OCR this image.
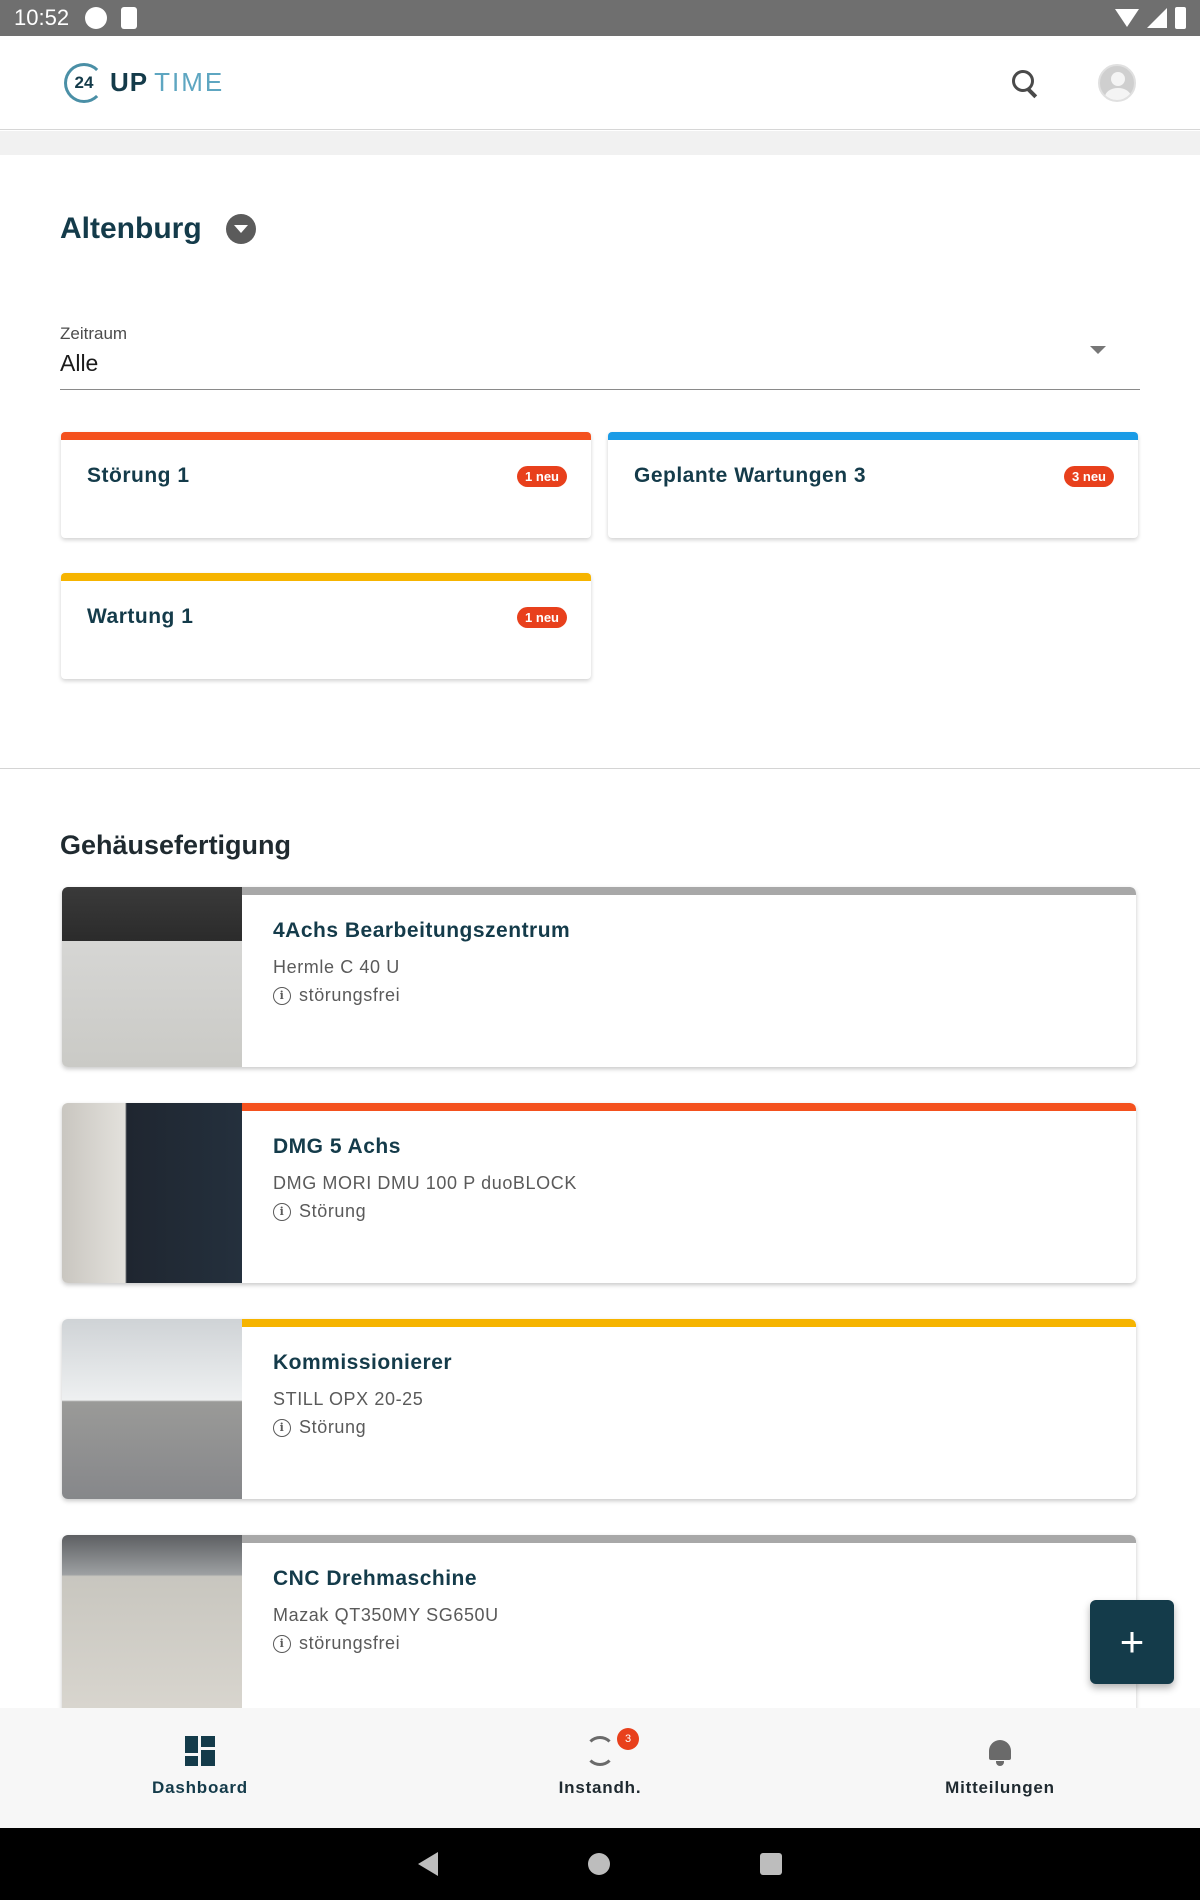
10:52
24 UP TIME
Altenburg
Zeitraum
Alle
Störung 1	1 neu	Geplante Wartungen 3	3 neu
Wartung 1	1 neu
Gehäusefertigung
4Achs Bearbeitungszentrum
Hermle C 40 U
i störungsfrei
DMG 5 Achs
DMG MORI DMU 100 P duoBLOCK
i Störung
Kommissionierer
STILL OPX 20-25
i Störung
CNC Drehmaschine
Mazak QT350MY SG650U
i störungsfrei	+
Dashboard	Instandh.	Mitteilungen
3
